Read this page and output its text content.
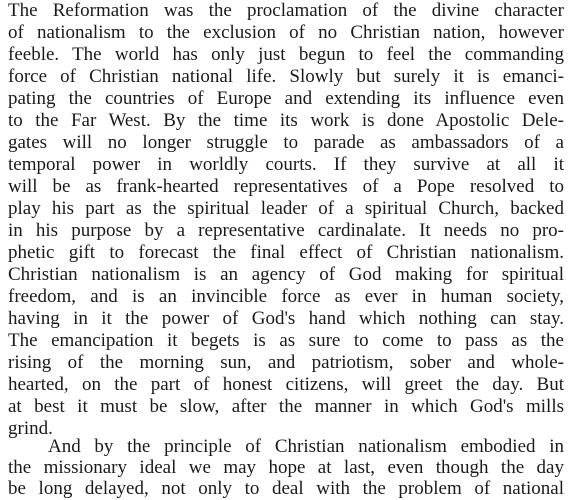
The Reformation was the proclamation of the divine character
of nationalism to the exclusion of no Christian nation, however
feeble. The world has only just begun to feel the commanding
force of Christian national life. Slowly but surely it is emanci-
pating the countries of Europe and extending its influence even
to the Far West. By the time its work is done Apostolic Dele-
gates will no longer struggle to parade as ambassadors of a
temporal power in worldly courts. If they survive at all it
will be as frank-hearted representatives of a Pope resolved to
play his part as the spiritual leader of a spiritual Church, backed
in his purpose by a representative cardinalate. It needs no pro-
phetic gift to forecast the final effect of Christian nationalism.
Christian nationalism is an agency of God making for spiritual
freedom, and is an invincible force as ever in human society,
having in it the power of God's hand which nothing can stay.
The emancipation it begets is as sure to come to pass as the
rising of the morning sun, and patriotism, sober and whole-
hearted, on the part of honest citizens, will greet the day. But
at best it must be slow, after the manner in which God's mills
grind.
And by the principle of Christian nationalism embodied in
the missionary ideal we may hope at last, even though the day
be long delayed, not only to deal with the problem of national
